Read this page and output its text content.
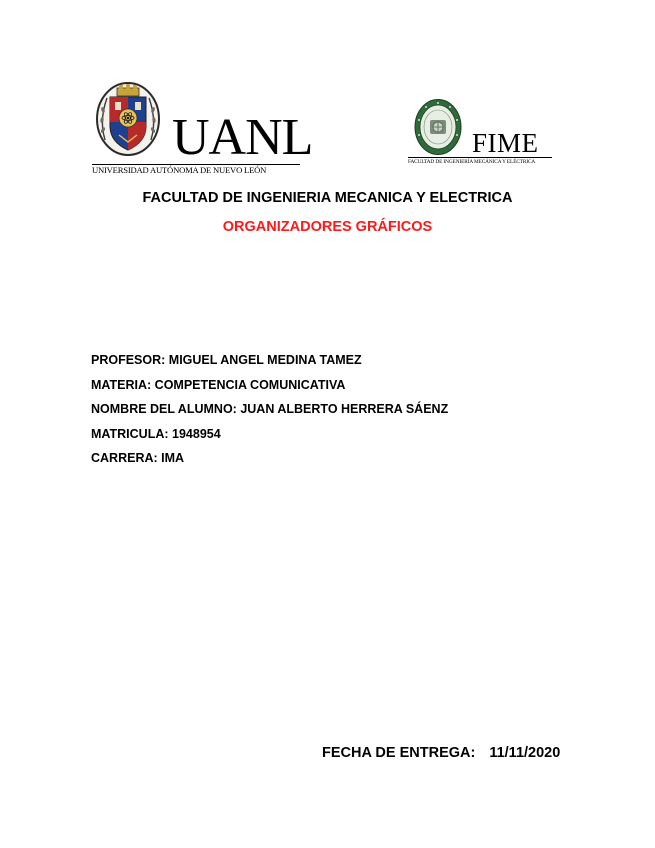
UANL
UNIVERSIDAD AUTÓNOMA DE NUEVO LEÓN
FIME
FACULTAD DE INGENIERÍA MECÁNICA Y ELÉCTRICA
FACULTAD DE INGENIERIA MECANICA Y ELECTRICA
ORGANIZADORES GRÁFICOS
PROFESOR: MIGUEL ANGEL MEDINA TAMEZ
MATERIA: COMPETENCIA COMUNICATIVA
NOMBRE DEL ALUMNO: JUAN ALBERTO HERRERA SÁENZ
MATRICULA: 1948954
CARRERA: IMA
FECHA DE ENTREGA: 11/11/2020
